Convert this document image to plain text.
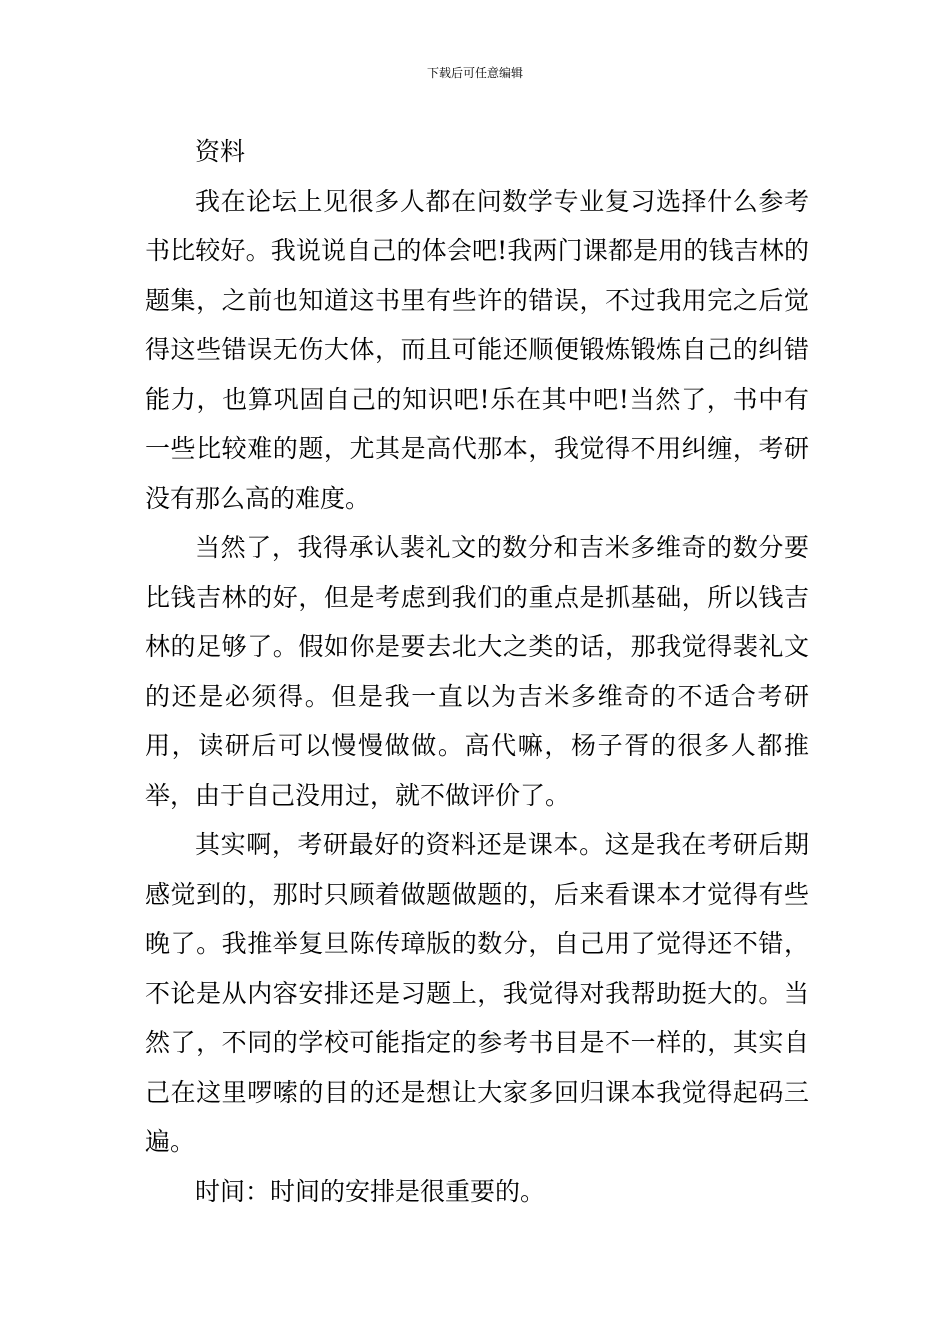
下载后可任意编辑

资料

我在论坛上见很多人都在问数学专业复习选择什么参考书比较好。我说说自己的体会吧!我两门课都是用的钱吉林的题集，之前也知道这书里有些许的错误，不过我用完之后觉得这些错误无伤大体，而且可能还顺便锻炼锻炼自己的纠错能力，也算巩固自己的知识吧!乐在其中吧!当然了，书中有一些比较难的题，尤其是高代那本，我觉得不用纠缠，考研没有那么高的难度。

当然了，我得承认裴礼文的数分和吉米多维奇的数分要比钱吉林的好，但是考虑到我们的重点是抓基础，所以钱吉林的足够了。假如你是要去北大之类的话，那我觉得裴礼文的还是必须得。但是我一直以为吉米多维奇的不适合考研用，读研后可以慢慢做做。高代嘛，杨子胥的很多人都推举，由于自己没用过，就不做评价了。

其实啊，考研最好的资料还是课本。这是我在考研后期感觉到的，那时只顾着做题做题的，后来看课本才觉得有些晚了。我推举复旦陈传璋版的数分，自己用了觉得还不错，不论是从内容安排还是习题上，我觉得对我帮助挺大的。当然了，不同的学校可能指定的参考书目是不一样的，其实自己在这里啰嗦的目的还是想让大家多回归课本我觉得起码三遍。

时间：时间的安排是很重要的。
